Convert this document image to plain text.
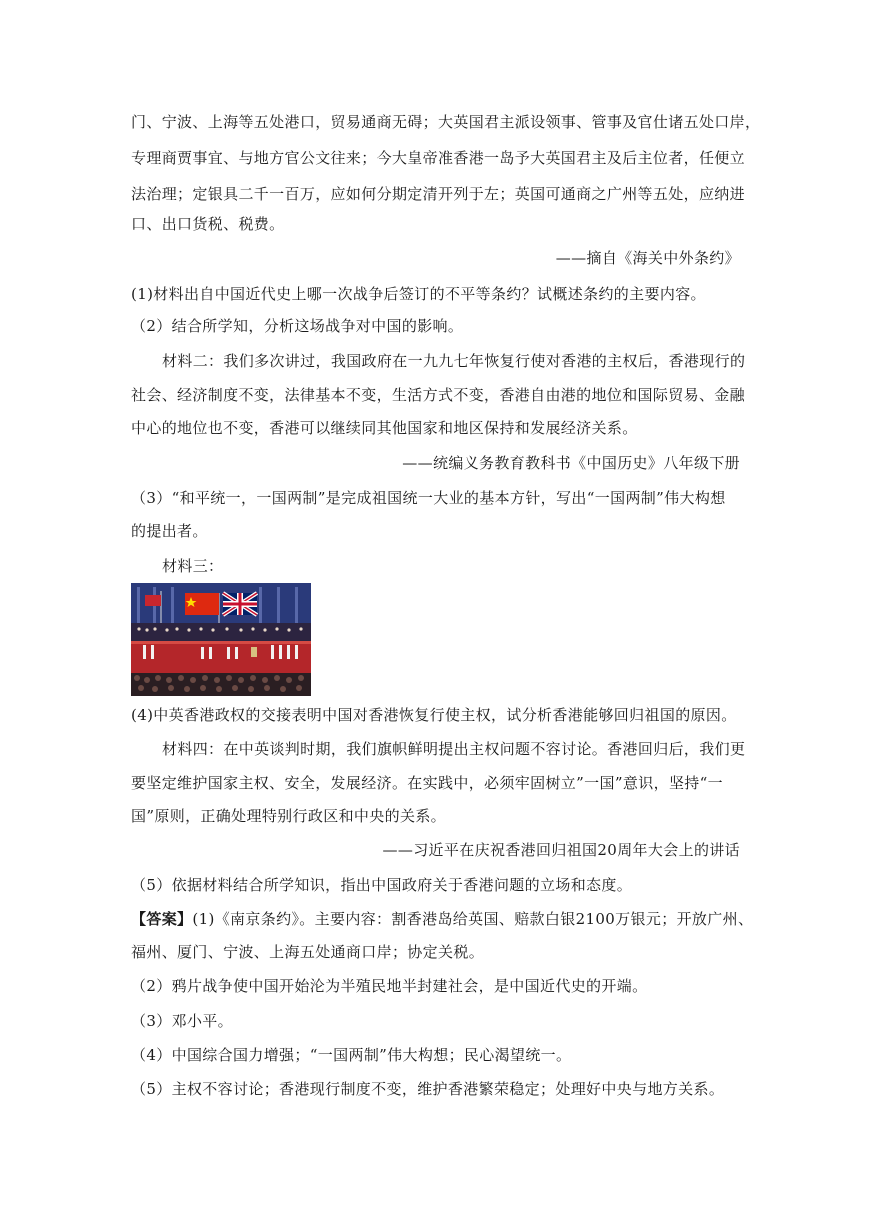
门、宁波、上海等五处港口，贸易通商无碍；大英国君主派设领事、管事及官仕诸五处口岸，
专理商贾事宜、与地方官公文往来；今大皇帝准香港一岛予大英国君主及后主位者，任便立
法治理；定银具二千一百万，应如何分期定清开列于左；英国可通商之广州等五处，应纳进
口、出口货税、税费。
——摘自《海关中外条约》
(1)材料出自中国近代史上哪一次战争后签订的不平等条约？试概述条约的主要内容。
（2）结合所学知，分析这场战争对中国的影响。
材料二：我们多次讲过，我国政府在一九九七年恢复行使对香港的主权后，香港现行的
社会、经济制度不变，法律基本不变，生活方式不变，香港自由港的地位和国际贸易、金融
中心的地位也不变，香港可以继续同其他国家和地区保持和发展经济关系。
——统编义务教育教科书《中国历史》八年级下册
（3）“和平统一，一国两制”是完成祖国统一大业的基本方针，写出“一国两制”伟大构想
的提出者。
材料三：
(4)中英香港政权的交接表明中国对香港恢复行使主权，试分析香港能够回归祖国的原因。
材料四：在中英谈判时期，我们旗帜鲜明提出主权问题不容讨论。香港回归后，我们更
要坚定维护国家主权、安全，发展经济。在实践中，必须牢固树立”一国”意识，坚持“一
国”原则，正确处理特别行政区和中央的关系。
——习近平在庆祝香港回归祖国20周年大会上的讲话
（5）依据材料结合所学知识，指出中国政府关于香港问题的立场和态度。
【答案】(1)《南京条约》。主要内容：割香港岛给英国、赔款白银2100万银元；开放广州、
福州、厦门、宁波、上海五处通商口岸；协定关税。
（2）鸦片战争使中国开始沦为半殖民地半封建社会，是中国近代史的开端。
（3）邓小平。
（4）中国综合国力增强；“一国两制”伟大构想；民心渴望统一。
（5）主权不容讨论；香港现行制度不变，维护香港繁荣稳定；处理好中央与地方关系。
